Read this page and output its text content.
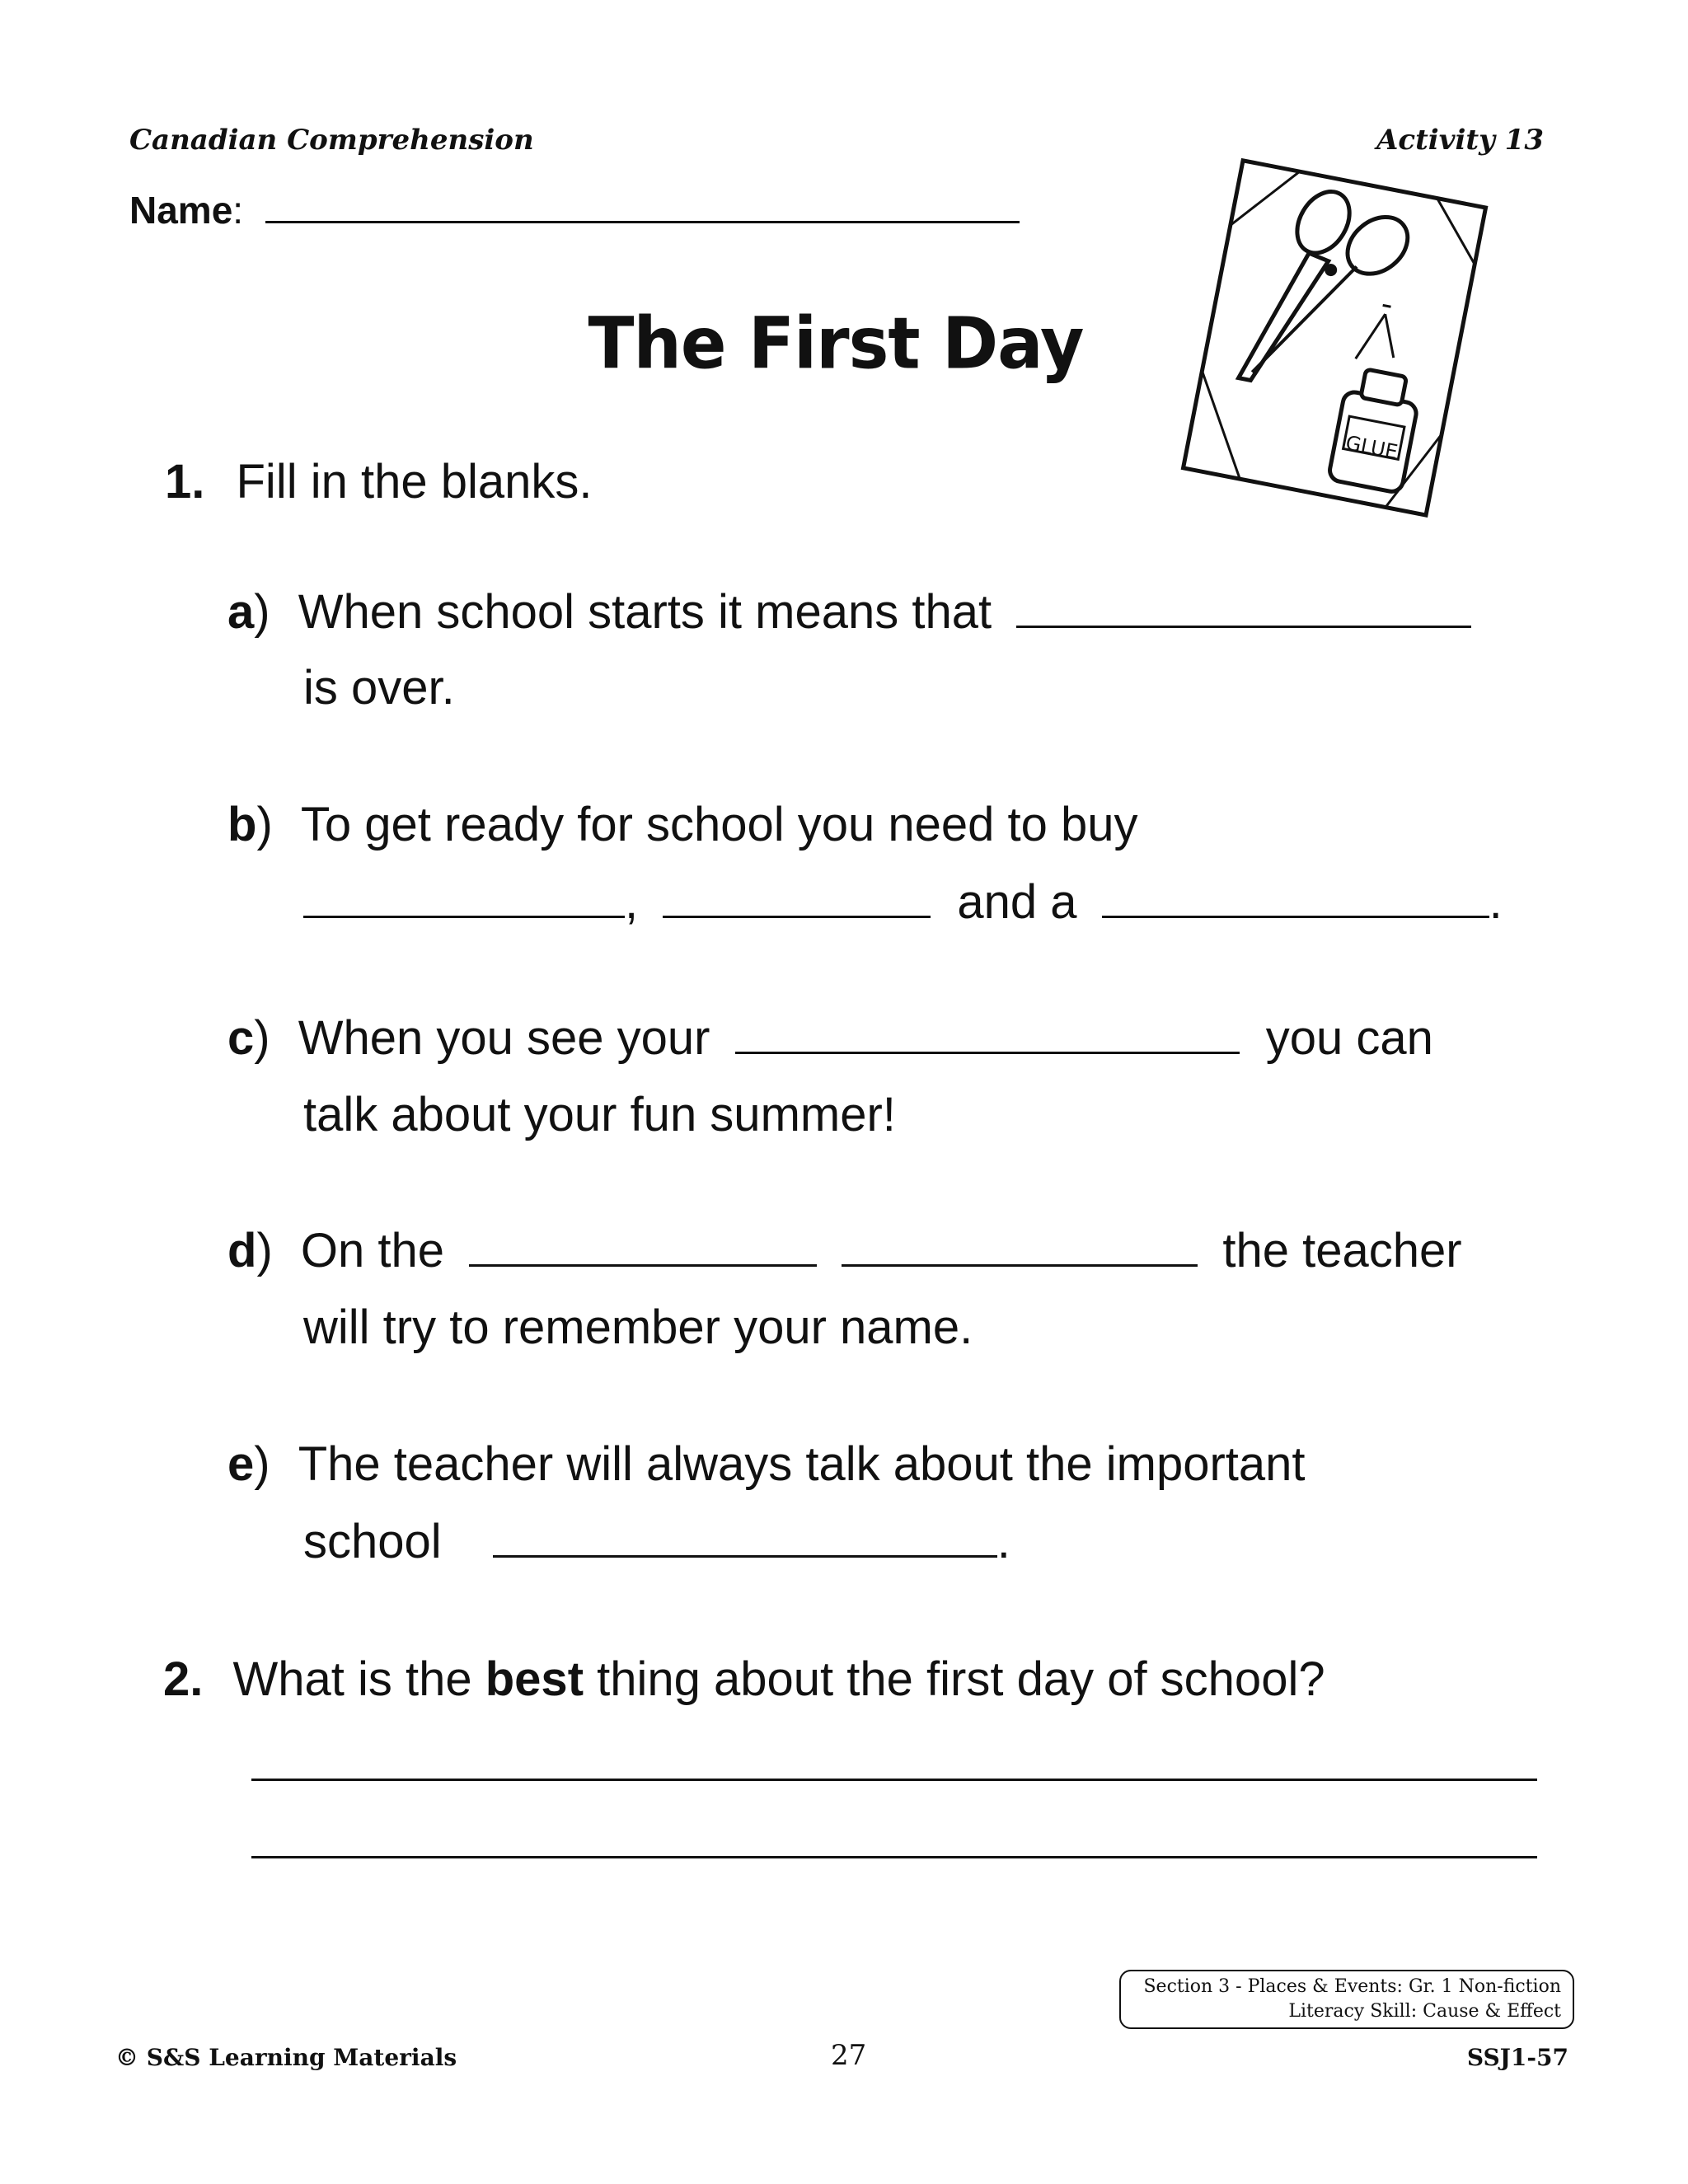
Canadian Comprehension	Activity 13
Name:
GLUE
The First Day
1. Fill in the blanks.
a) When school starts it means that
is over.
b) To get ready for school you need to buy
,	and a	.
c) When you see your	you can
talk about your fun summer!
d) On the	the teacher
will try to remember your name.
e) The teacher will always talk about the important
school	.
2. What is the best thing about the first day of school?
Section 3 - Places & Events: Gr. 1 Non-fiction
Literacy Skill: Cause & Effect
© S&S Learning Materials	27	SSJ1-57
